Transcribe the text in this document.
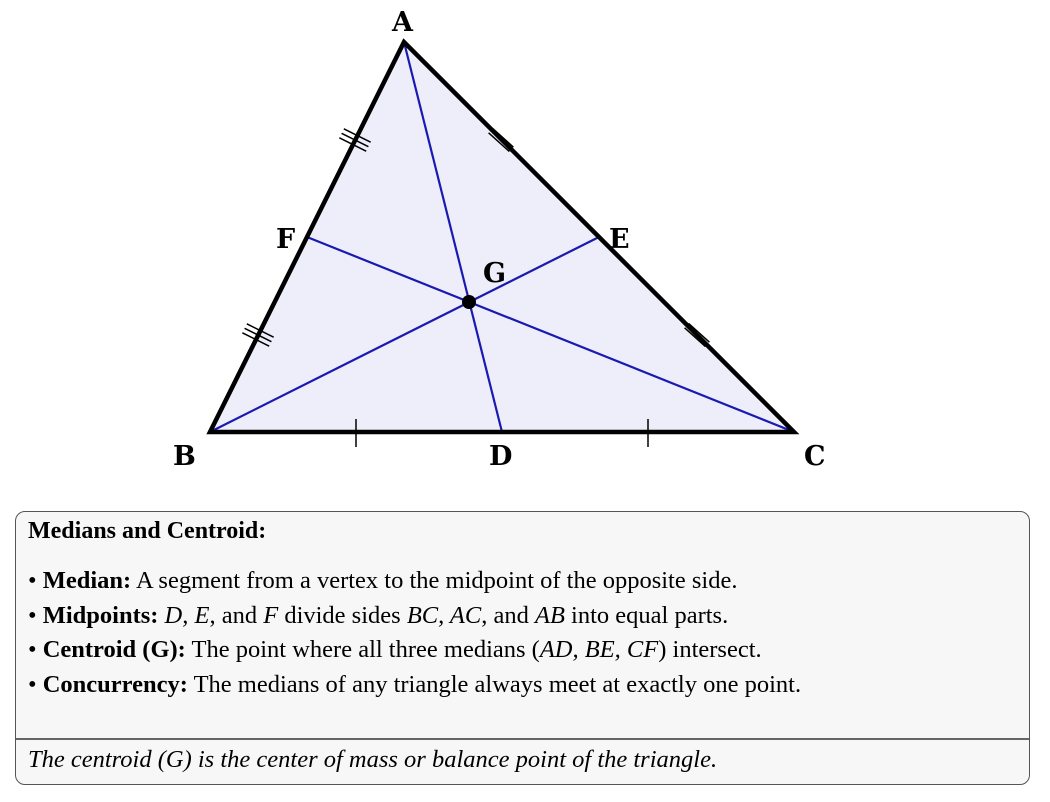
A
B	C
D
E
F
G
Medians and Centroid:
• Median: A segment from a vertex to the midpoint of the opposite side.
• Midpoints: D, E, and F divide sides BC, AC, and AB into equal parts.
• Centroid (G): The point where all three medians (AD, BE, CF) intersect.
• Concurrency: The medians of any triangle always meet at exactly one point.
The centroid (G) is the center of mass or balance point of the triangle.
